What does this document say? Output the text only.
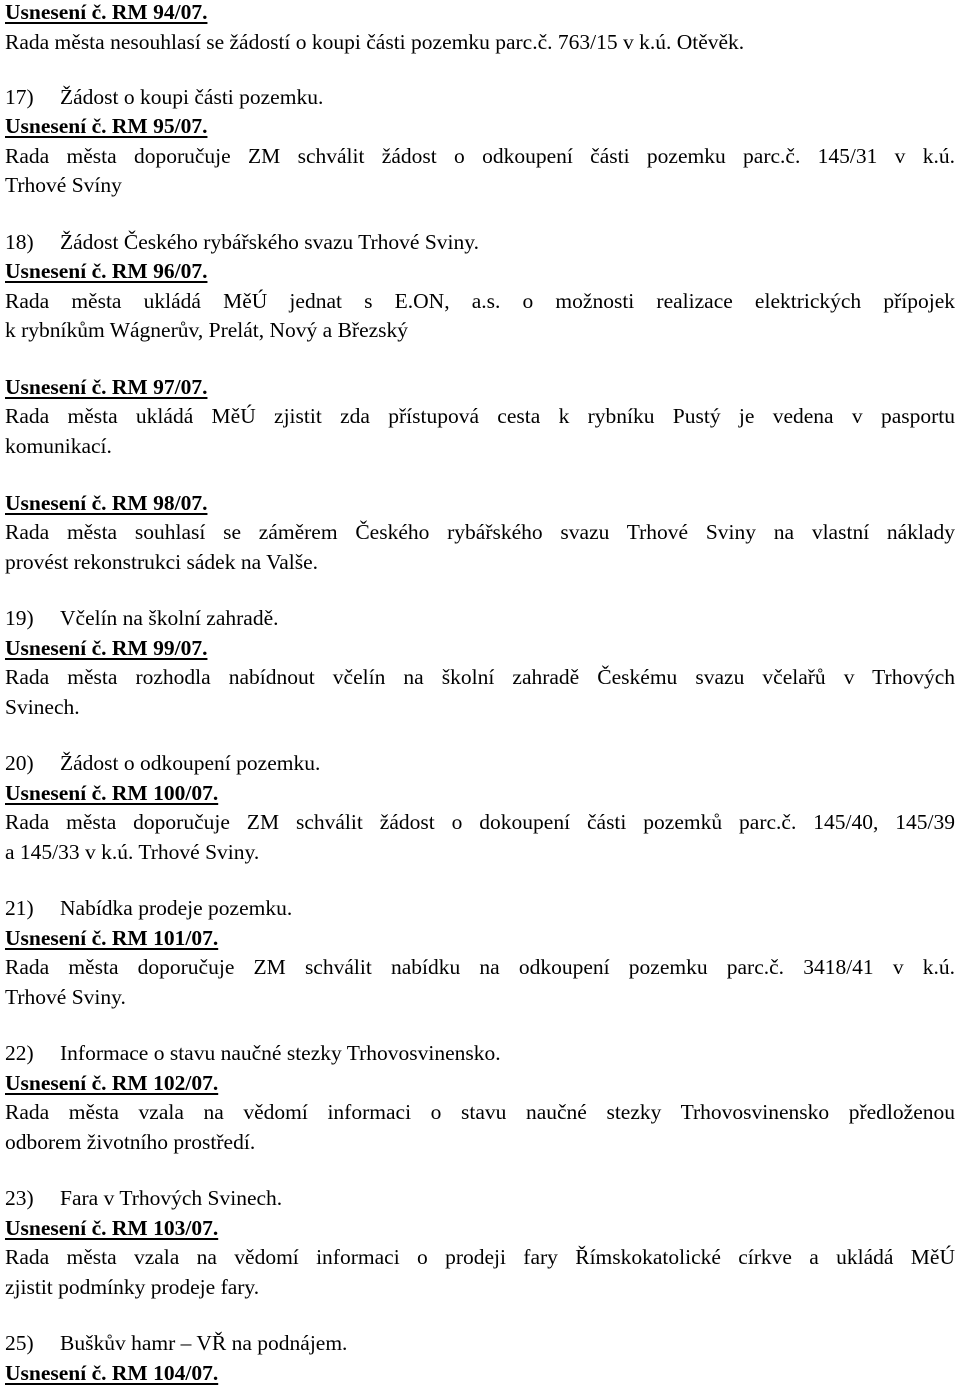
Usnesení č. RM 94/07.
Rada města nesouhlasí se žádostí o koupi části pozemku parc.č. 763/15 v k.ú. Otěvěk.
17) Žádost o koupi části pozemku.
Usnesení č. RM 95/07.
Rada města doporučuje ZM schválit žádost o odkoupení části pozemku parc.č. 145/31 v k.ú.
Trhové Svíny
18) Žádost Českého rybářského svazu Trhové Sviny.
Usnesení č. RM 96/07.
Rada města ukládá MěÚ jednat s E.ON, a.s. o možnosti realizace elektrických přípojek
k rybníkům Wágnerův, Prelát, Nový a Březský
Usnesení č. RM 97/07.
Rada města ukládá MěÚ zjistit zda přístupová cesta k rybníku Pustý je vedena v pasportu
komunikací.
Usnesení č. RM 98/07.
Rada města souhlasí se záměrem Českého rybářského svazu Trhové Sviny na vlastní náklady
provést rekonstrukci sádek na Valše.
19) Včelín na školní zahradě.
Usnesení č. RM 99/07.
Rada města rozhodla nabídnout včelín na školní zahradě Českému svazu včelařů v Trhových
Svinech.
20) Žádost o odkoupení pozemku.
Usnesení č. RM 100/07.
Rada města doporučuje ZM schválit žádost o dokoupení části pozemků parc.č. 145/40, 145/39
a 145/33 v k.ú. Trhové Sviny.
21) Nabídka prodeje pozemku.
Usnesení č. RM 101/07.
Rada města doporučuje ZM schválit nabídku na odkoupení pozemku parc.č. 3418/41 v k.ú.
Trhové Sviny.
22) Informace o stavu naučné stezky Trhovosvinensko.
Usnesení č. RM 102/07.
Rada města vzala na vědomí informaci o stavu naučné stezky Trhovosvinensko předloženou
odborem životního prostředí.
23) Fara v Trhových Svinech.
Usnesení č. RM 103/07.
Rada města vzala na vědomí informaci o prodeji fary Římskokatolické církve a ukládá MěÚ
zjistit podmínky prodeje fary.
25) Buškův hamr – VŘ na podnájem.
Usnesení č. RM 104/07.
